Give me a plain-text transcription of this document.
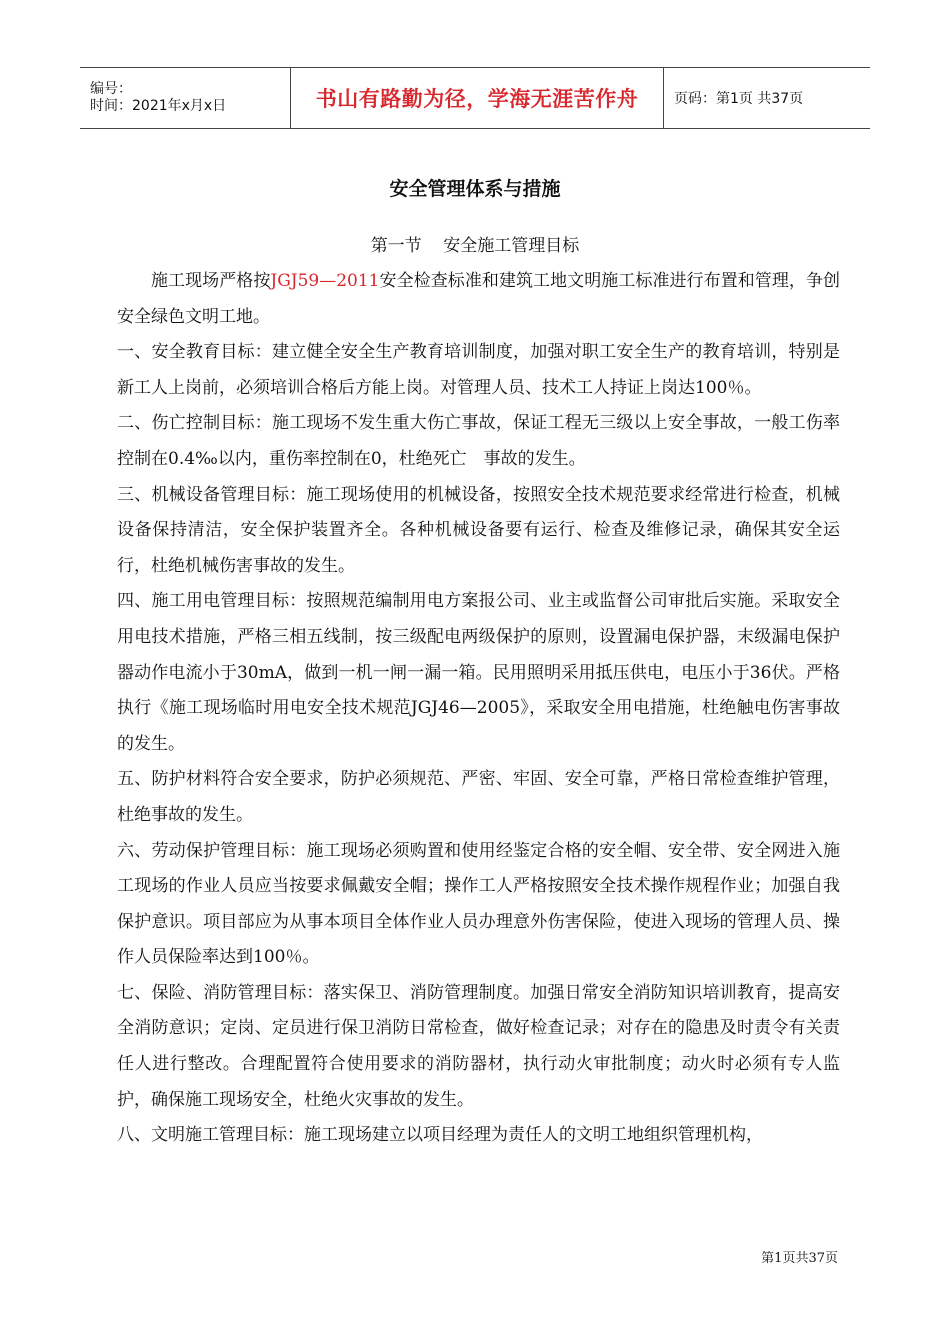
编号：
时间：2021年x月x日	书山有路勤为径，学海无涯苦作舟	页码：第1页 共37页
安全管理体系与措施
第一节    安全施工管理目标

施工现场严格按JGJ59—2011安全检查标准和建筑工地文明施工标准进行布置和管理，争创安全绿色文明工地。

一、安全教育目标：建立健全安全生产教育培训制度，加强对职工安全生产的教育培训，特别是新工人上岗前，必须培训合格后方能上岗。对管理人员、技术工人持证上岗达100％。

二、伤亡控制目标：施工现场不发生重大伤亡事故，保证工程无三级以上安全事故，一般工伤率控制在0.4‰以内，重伤率控制在0，杜绝死亡　事故的发生。

三、机械设备管理目标：施工现场使用的机械设备，按照安全技术规范要求经常进行检查，机械设备保持清洁，安全保护装置齐全。各种机械设备要有运行、检查及维修记录，确保其安全运行，杜绝机械伤害事故的发生。

四、施工用电管理目标：按照规范编制用电方案报公司、业主或监督公司审批后实施。采取安全用电技术措施，严格三相五线制，按三级配电两级保护的原则，设置漏电保护器，末级漏电保护器动作电流小于30mA，做到一机一闸一漏一箱。民用照明采用抵压供电，电压小于36伏。严格执行《施工现场临时用电安全技术规范JGJ46—2005》，采取安全用电措施，杜绝触电伤害事故的发生。

五、防护材料符合安全要求，防护必须规范、严密、牢固、安全可靠，严格日常检查维护管理，杜绝事故的发生。

六、劳动保护管理目标：施工现场必须购置和使用经鉴定合格的安全帽、安全带、安全网进入施工现场的作业人员应当按要求佩戴安全帽；操作工人严格按照安全技术操作规程作业；加强自我保护意识。项目部应为从事本项目全体作业人员办理意外伤害保险，使进入现场的管理人员、操作人员保险率达到100％。

七、保险、消防管理目标：落实保卫、消防管理制度。加强日常安全消防知识培训教育，提高安全消防意识；定岗、定员进行保卫消防日常检查，做好检查记录；对存在的隐患及时责令有关责任人进行整改。合理配置符合使用要求的消防器材，执行动火审批制度；动火时必须有专人监护，确保施工现场安全，杜绝火灾事故的发生。

八、文明施工管理目标：施工现场建立以项目经理为责任人的文明工地组织管理机构，

第1页共37页
